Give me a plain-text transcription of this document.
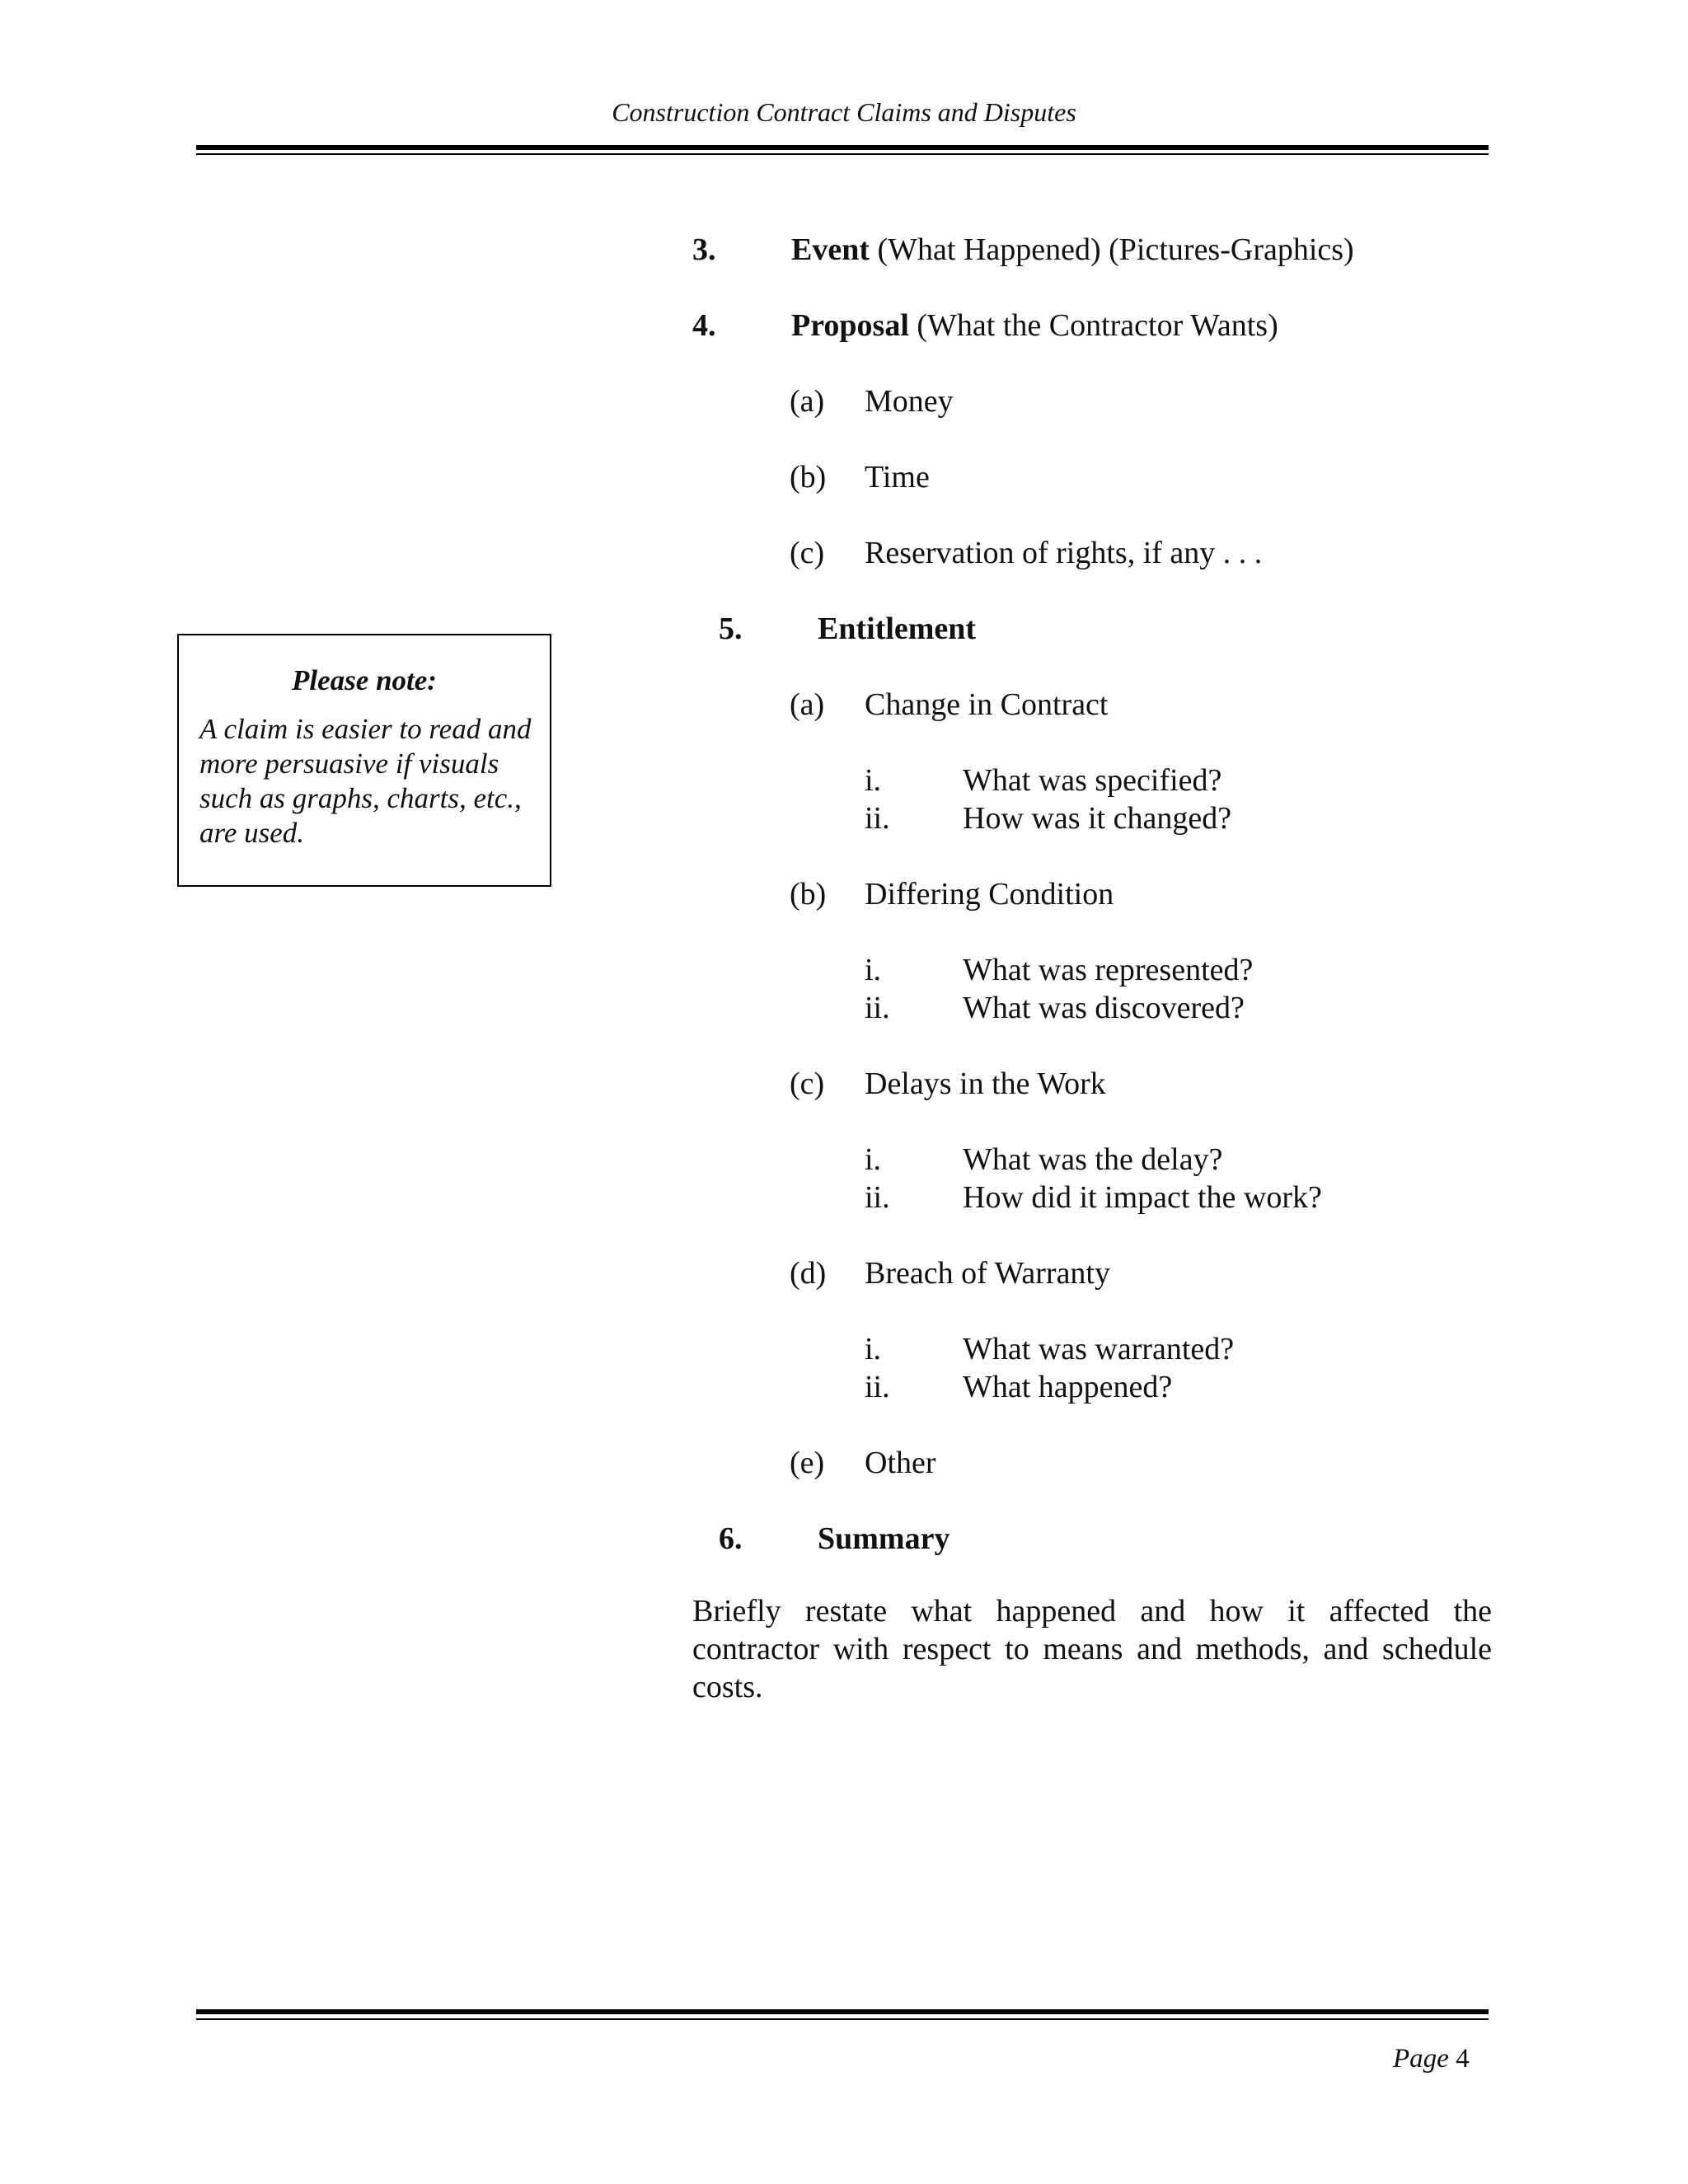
Construction Contract Claims and Disputes
3. Event (What Happened) (Pictures-Graphics)
4. Proposal (What the Contractor Wants)
(a) Money
(b) Time
(c) Reservation of rights, if any . . .
5. Entitlement
(a) Change in Contract
i.	What was specified?
ii. How was it changed?
(b) Differing Condition
i.	What was represented?
ii. What was discovered?
(c) Delays in the Work
i.	What was the delay?
ii. How did it impact the work?
(d) Breach of Warranty
i.	What was warranted?
ii. What happened?
(e) Other
6. Summary
Briefly restate what happened and how it affected the contractor with respect to means and methods, and schedule costs.
Please note:
A claim is easier to read and more persuasive if visuals such as graphs, charts, etc., are used.
Page 4
